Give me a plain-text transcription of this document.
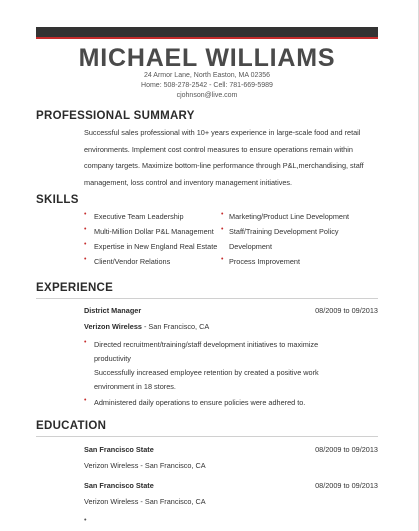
MICHAEL WILLIAMS
24 Armor Lane, North Easton, MA 02356
Home: 508-278-2542 - Cell: 781-669-5989
cjohnson@live.com
PROFESSIONAL SUMMARY
Successful sales professional with 10+ years experience in large-scale food and retail environments. Implement cost control measures to ensure operations remain within company targets. Maximize bottom-line performance through P&L,merchandising, staff management, loss control and inventory management initiatives.
SKILLS
• Executive Team Leadership
• Multi-Million Dollar P&L Management
• Expertise in New England Real Estate
• Client/Vendor Relations
• Marketing/Product Line Development
• Staff/Training Development Policy
Development
• Process Improvement
EXPERIENCE
District Manager	08/2009 to 09/2013
Verizon Wireless - San Francisco, CA
• Directed recruitment/training/staff development initiatives to maximize
productivity
Successfully increased employee retention by created a positive work
environment in 18 stores.
• Administered daily operations to ensure policies were adhered to.
EDUCATION
San Francisco State	08/2009 to 09/2013
Verizon Wireless - San Francisco, CA
San Francisco State	08/2009 to 09/2013
Verizon Wireless - San Francisco, CA
•
